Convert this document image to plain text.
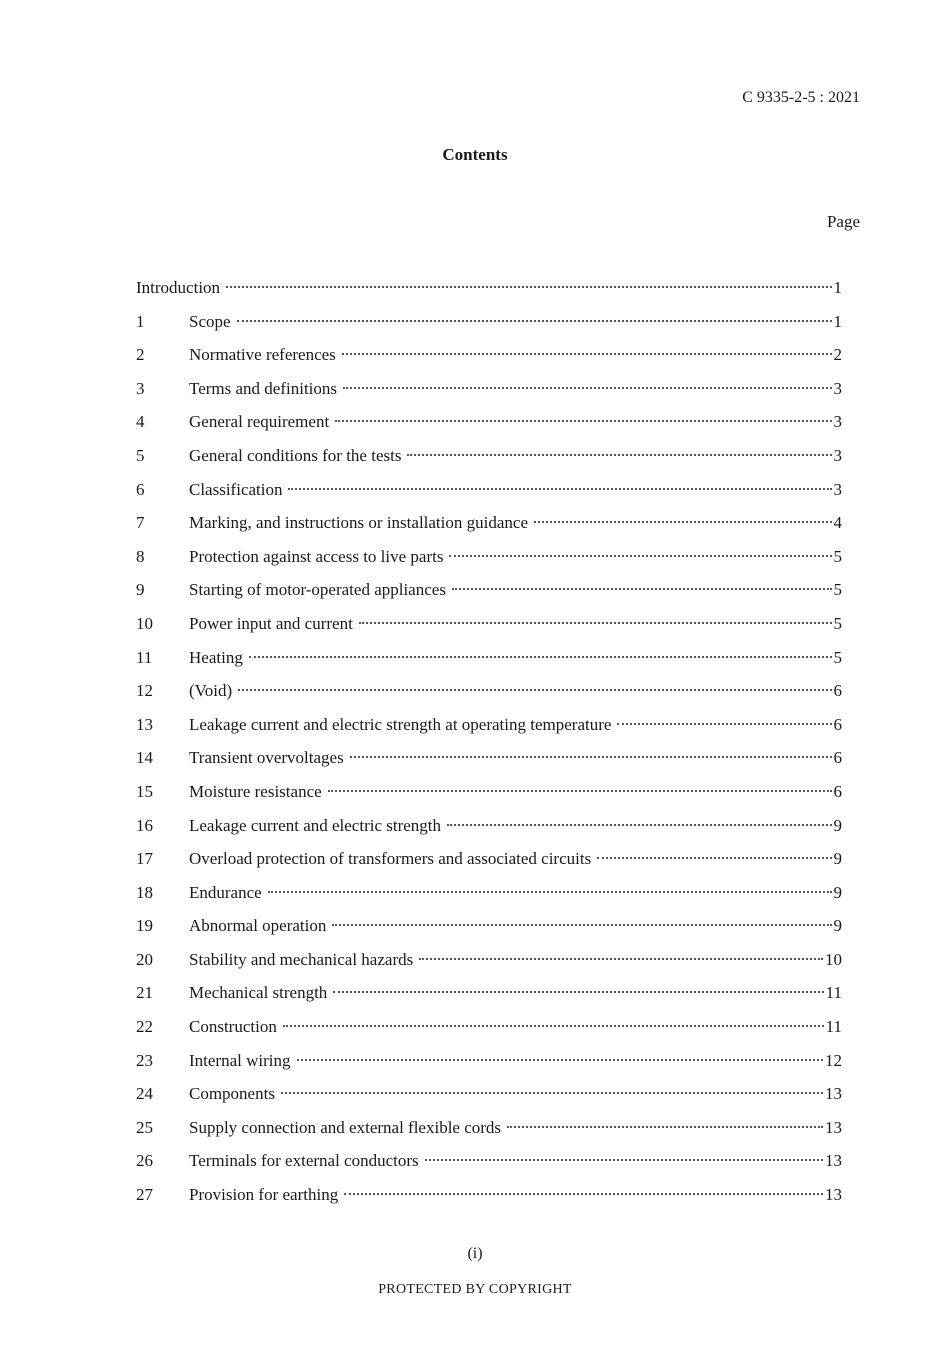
C 9335-2-5 : 2021
Contents
Page
Introduction	1
1	Scope	1
2	Normative references	2
3	Terms and definitions	3
4	General requirement	3
5	General conditions for the tests	3
6	Classification	3
7	Marking, and instructions or installation guidance	4
8	Protection against access to live parts	5
9	Starting of motor-operated appliances	5
10	Power input and current	5
11	Heating	5
12	(Void)	6
13	Leakage current and electric strength at operating temperature	6
14	Transient overvoltages	6
15	Moisture resistance	6
16	Leakage current and electric strength	9
17	Overload protection of transformers and associated circuits	9
18	Endurance	9
19	Abnormal operation	9
20	Stability and mechanical hazards	10
21	Mechanical strength	11
22	Construction	11
23	Internal wiring	12
24	Components	13
25	Supply connection and external flexible cords	13
26	Terminals for external conductors	13
27	Provision for earthing	13
(i)
PROTECTED BY COPYRIGHT
